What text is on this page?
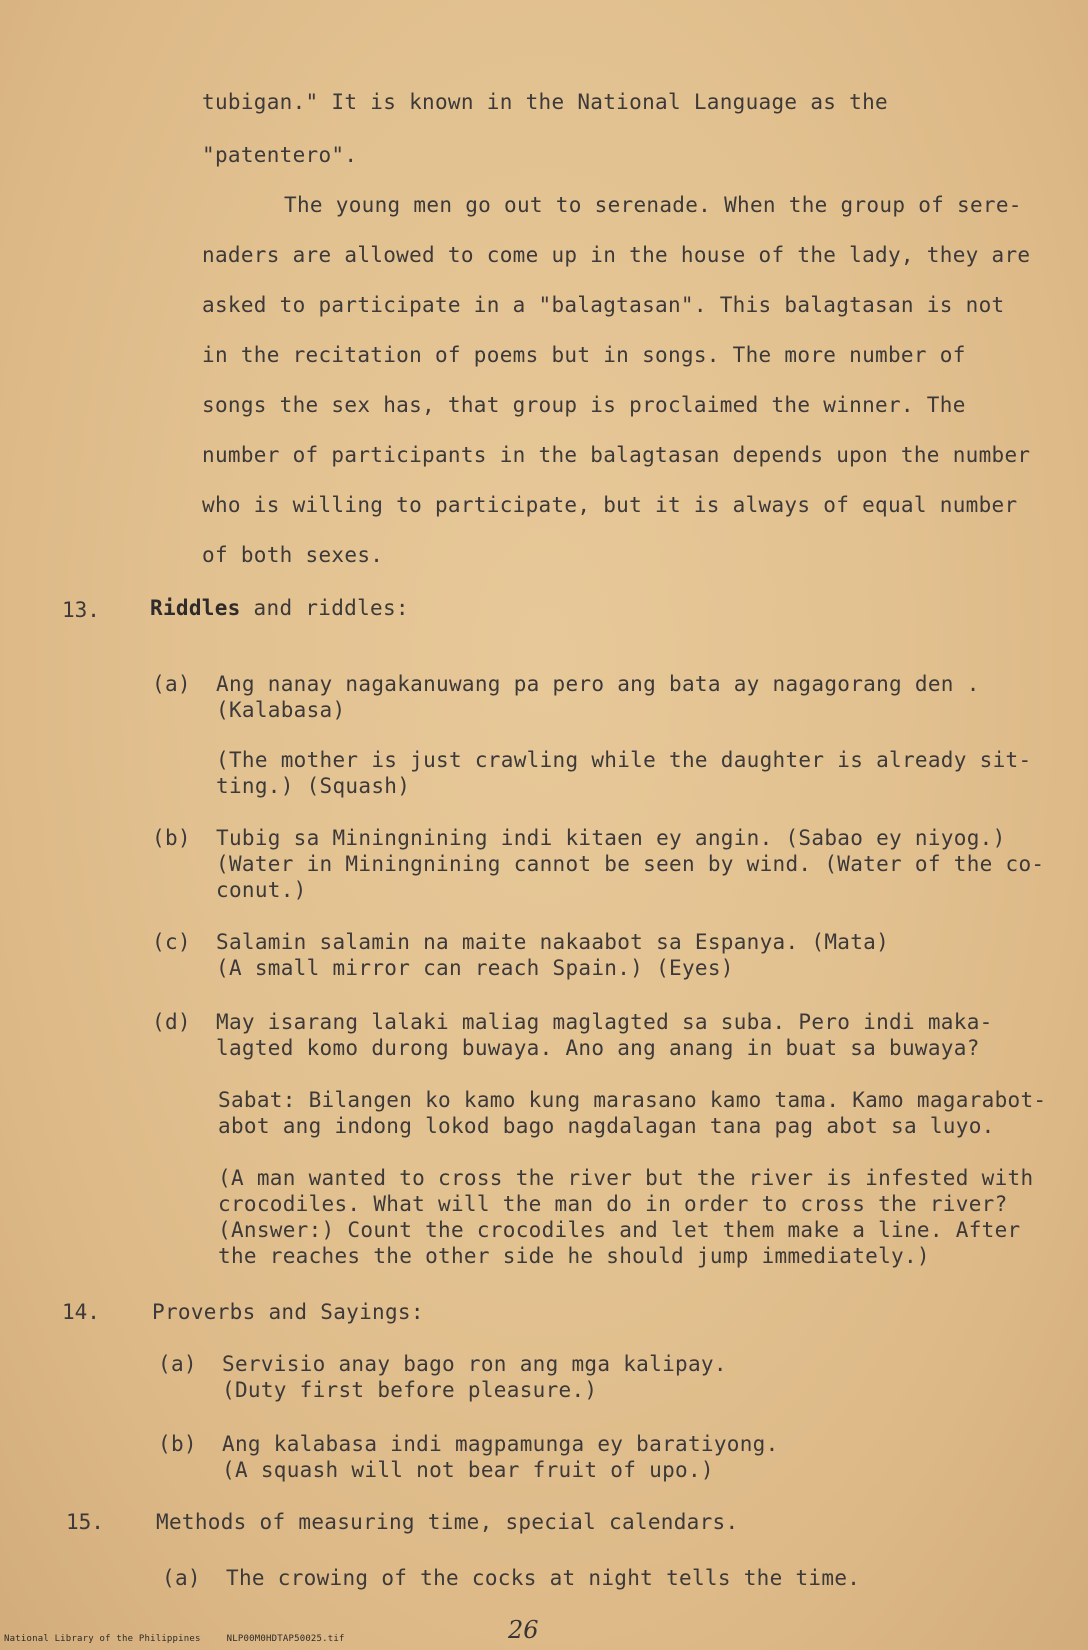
tubigan." It is known in the National Language as the
"patentero".
The young men go out to serenade. When the group of sere-
naders are allowed to come up in the house of the lady, they are
asked to participate in a "balagtasan". This balagtasan is not
in the recitation of poems but in songs. The more number of
songs the sex has, that group is proclaimed the winner. The
number of participants in the balagtasan depends upon the number
who is willing to participate, but it is always of equal number
of both sexes.
13. Riddles and riddles:
(a) Ang nanay nagakanuwang pa pero ang bata ay nagagorang den .
(Kalabasa)
(The mother is just crawling while the daughter is already sit-
ting.) (Squash)
(b) Tubig sa Miningnining indi kitaen ey angin. (Sabao ey niyog.)
(Water in Miningnining cannot be seen by wind. (Water of the co-
conut.)
(c) Salamin salamin na maite nakaabot sa Espanya. (Mata)
(A small mirror can reach Spain.) (Eyes)
(d) May isarang lalaki maliag maglagted sa suba. Pero indi maka-
lagted komo durong buwaya. Ano ang anang in buat sa buwaya?
Sabat: Bilangen ko kamo kung marasano kamo tama. Kamo magarabot-
abot ang indong lokod bago nagdalagan tana pag abot sa luyo.
(A man wanted to cross the river but the river is infested with
crocodiles. What will the man do in order to cross the river?
(Answer:) Count the crocodiles and let them make a line. After
the reaches the other side he should jump immediately.)
14. Proverbs and Sayings:
(a) Servisio anay bago ron ang mga kalipay.
(Duty first before pleasure.)
(b) Ang kalabasa indi magpamunga ey baratiyong.
(A squash will not bear fruit of upo.)
15. Methods of measuring time, special calendars.
(a) The crowing of the cocks at night tells the time.
26
National Library of the Philippines	NLP00M0HDTAP50025.tif
